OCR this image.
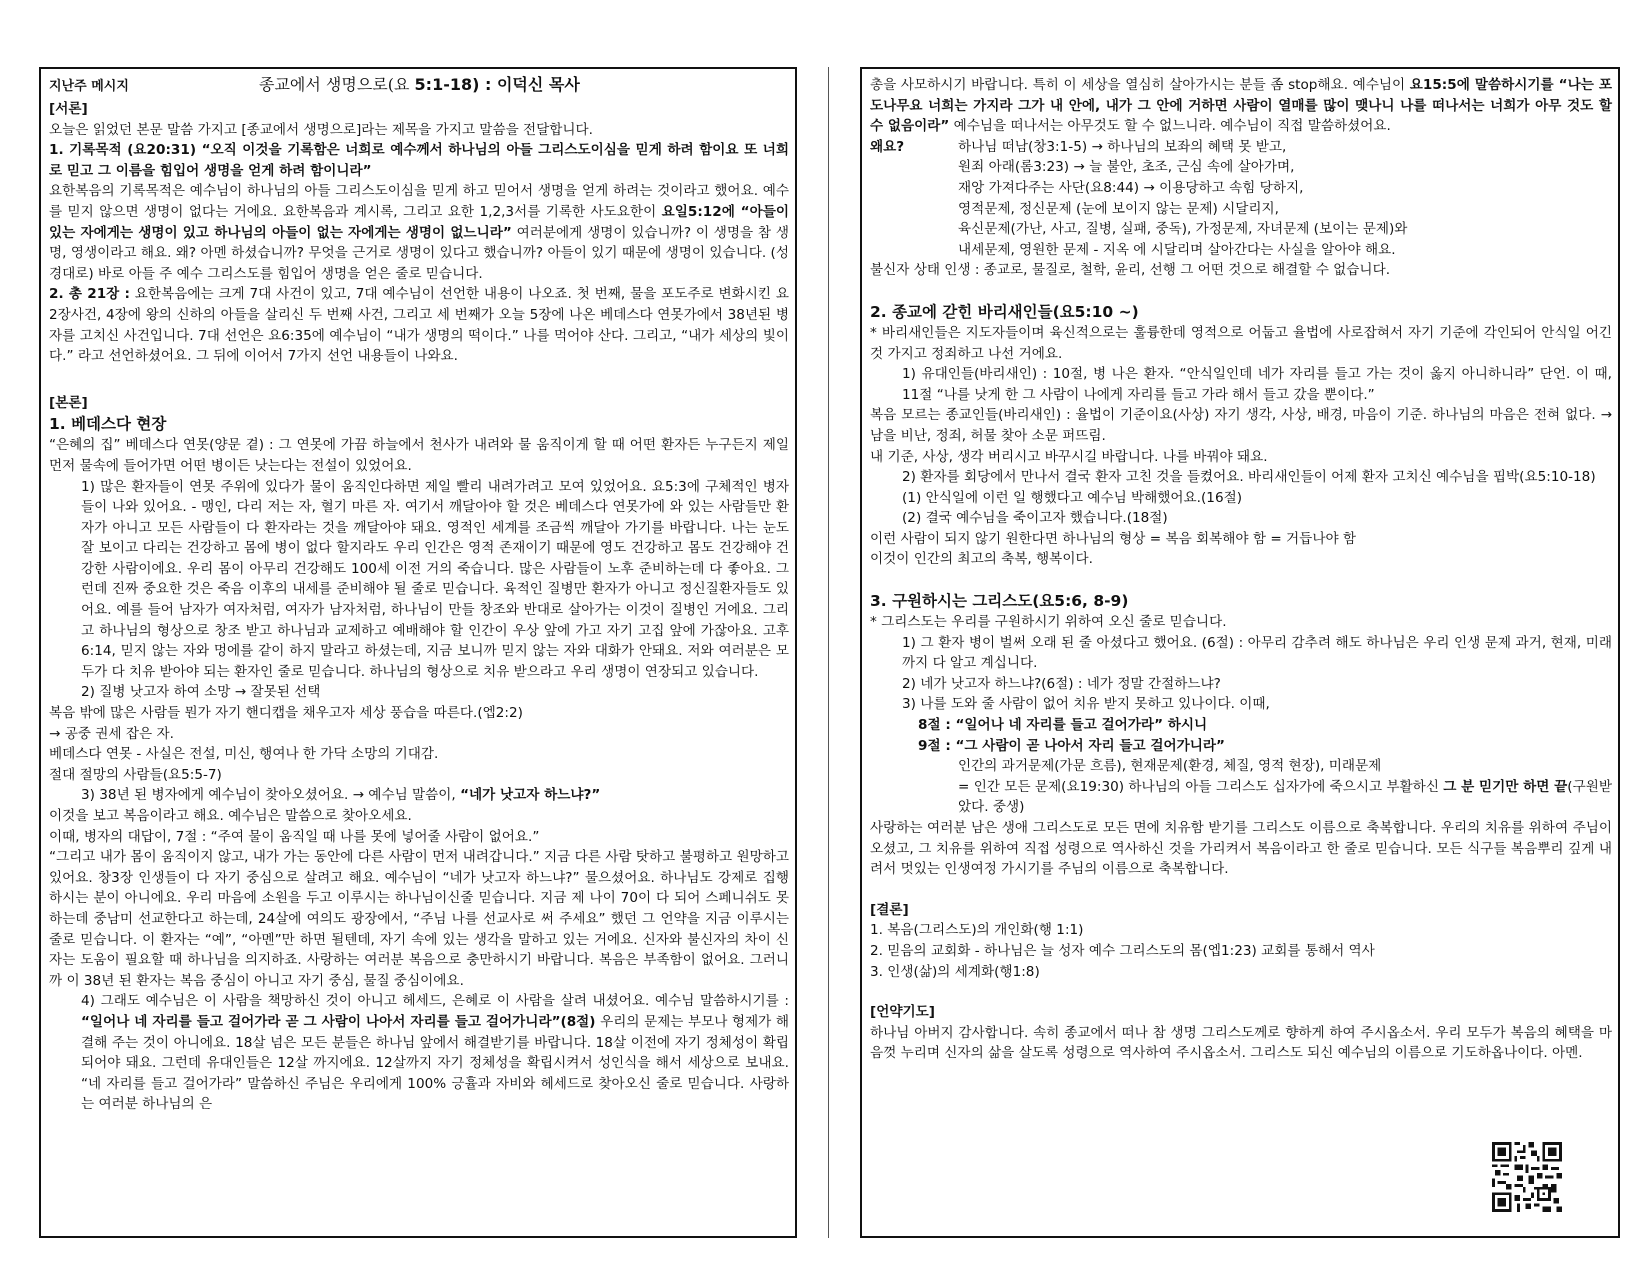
지난주 메시지	종교에서 생명으로(요 5:1-18) : 이덕신 목사

[서론]

오늘은 읽었던 본문 말씀 가지고 [종교에서 생명으로]라는 제목을 가지고 말씀을 전달합니다.

1. 기록목적 (요20:31) “오직 이것을 기록함은 너희로 예수께서 하나님의 아들 그리스도이심을 믿게 하려 함이요 또 너희로 믿고 그 이름을 힘입어 생명을 얻게 하려 함이니라”

요한복음의 기록목적은 예수님이 하나님의 아들 그리스도이심을 믿게 하고 믿어서 생명을 얻게 하려는 것이라고 했어요. 예수를 믿지 않으면 생명이 없다는 거에요. 요한복음과 계시록, 그리고 요한 1,2,3서를 기록한 사도요한이 요일5:12에 “아들이 있는 자에게는 생명이 있고 하나님의 아들이 없는 자에게는 생명이 없느니라” 여러분에게 생명이 있습니까? 이 생명을 참 생명, 영생이라고 해요. 왜? 아멘 하셨습니까? 무엇을 근거로 생명이 있다고 했습니까? 아들이 있기 때문에 생명이 있습니다. (성경대로) 바로 아들 주 예수 그리스도를 힘입어 생명을 얻은 줄로 믿습니다.

2. 총 21장 : 요한복음에는 크게 7대 사건이 있고, 7대 예수님이 선언한 내용이 나오죠. 첫 번째, 물을 포도주로 변화시킨 요 2장사건, 4장에 왕의 신하의 아들을 살리신 두 번째 사건, 그리고 세 번째가 오늘 5장에 나온 베데스다 연못가에서 38년된 병자를 고치신 사건입니다. 7대 선언은 요6:35에 예수님이 “내가 생명의 떡이다.” 나를 먹어야 산다. 그리고, “내가 세상의 빛이다.” 라고 선언하셨어요. 그 뒤에 이어서 7가지 선언 내용들이 나와요.

[본론]

1. 베데스다 현장

“은혜의 집” 베데스다 연못(양문 곁) : 그 연못에 가끔 하늘에서 천사가 내려와 물 움직이게 할 때 어떤 환자든 누구든지 제일 먼저 물속에 들어가면 어떤 병이든 낫는다는 전설이 있었어요.

1) 많은 환자들이 연못 주위에 있다가 물이 움직인다하면 제일 빨리 내려가려고 모여 있었어요. 요5:3에 구체적인 병자들이 나와 있어요. - 맹인, 다리 저는 자, 혈기 마른 자. 여기서 깨달아야 할 것은 베데스다 연못가에 와 있는 사람들만 환자가 아니고 모든 사람들이 다 환자라는 것을 깨달아야 돼요. 영적인 세계를 조금씩 깨달아 가기를 바랍니다. 나는 눈도 잘 보이고 다리는 건강하고 몸에 병이 없다 할지라도 우리 인간은 영적 존재이기 때문에 영도 건강하고 몸도 건강해야 건강한 사람이에요. 우리 몸이 아무리 건강해도 100세 이전 거의 죽습니다. 많은 사람들이 노후 준비하는데 다 좋아요. 그런데 진짜 중요한 것은 죽음 이후의 내세를 준비해야 될 줄로 믿습니다. 육적인 질병만 환자가 아니고 정신질환자들도 있어요. 예를 들어 남자가 여자처럼, 여자가 남자처럼, 하나님이 만들 창조와 반대로 살아가는 이것이 질병인 거에요. 그리고 하나님의 형상으로 창조 받고 하나님과 교제하고 예배해야 할 인간이 우상 앞에 가고 자기 고집 앞에 가잖아요. 고후6:14, 믿지 않는 자와 멍에를 같이 하지 말라고 하셨는데, 지금 보니까 믿지 않는 자와 대화가 안돼요. 저와 여러분은 모두가 다 치유 받아야 되는 환자인 줄로 믿습니다. 하나님의 형상으로 치유 받으라고 우리 생명이 연장되고 있습니다.

2) 질병 낫고자 하여 소망 → 잘못된 선택

복음 밖에 많은 사람들 뭔가 자기 핸디캡을 채우고자 세상 풍습을 따른다.(엡2:2)

→ 공중 권세 잡은 자.

베데스다 연못 - 사실은 전설, 미신, 행여나 한 가닥 소망의 기대감.

절대 절망의 사람들(요5:5-7)

3) 38년 된 병자에게 예수님이 찾아오셨어요. → 예수님 말씀이, “네가 낫고자 하느냐?”

이것을 보고 복음이라고 해요. 예수님은 말씀으로 찾아오세요.

이때, 병자의 대답이, 7절 : “주여 물이 움직일 때 나를 못에 넣어줄 사람이 없어요.”

“그리고 내가 몸이 움직이지 않고, 내가 가는 동안에 다른 사람이 먼저 내려갑니다.” 지금 다른 사람 탓하고 불평하고 원망하고 있어요. 창3장 인생들이 다 자기 중심으로 살려고 해요. 예수님이 “네가 낫고자 하느냐?” 물으셨어요. 하나님도 강제로 집행 하시는 분이 아니에요. 우리 마음에 소원을 두고 이루시는 하나님이신줄 믿습니다. 지금 제 나이 70이 다 되어 스페니쉬도 못하는데 중남미 선교한다고 하는데, 24살에 여의도 광장에서, “주님 나를 선교사로 써 주세요” 했던 그 언약을 지금 이루시는 줄로 믿습니다. 이 환자는 “예”, “아멘”만 하면 될텐데, 자기 속에 있는 생각을 말하고 있는 거에요. 신자와 불신자의 차이 신자는 도움이 필요할 때 하나님을 의지하죠. 사랑하는 여러분 복음으로 충만하시기 바랍니다. 복음은 부족함이 없어요. 그러니까 이 38년 된 환자는 복음 중심이 아니고 자기 중심, 물질 중심이에요.

4) 그래도 예수님은 이 사람을 책망하신 것이 아니고 헤세드, 은혜로 이 사람을 살려 내셨어요. 예수님 말씀하시기를 : “일어나 네 자리를 들고 걸어가라 곧 그 사람이 나아서 자리를 들고 걸어가니라”(8절) 우리의 문제는 부모나 형제가 해결해 주는 것이 아니에요. 18살 넘은 모든 분들은 하나님 앞에서 해결받기를 바랍니다. 18살 이전에 자기 정체성이 확립되어야 돼요. 그런데 유대인들은 12살 까지에요. 12살까지 자기 정체성을 확립시켜서 성인식을 해서 세상으로 보내요. “네 자리를 들고 걸어가라” 말씀하신 주님은 우리에게 100% 긍휼과 자비와 헤세드로 찾아오신 줄로 믿습니다. 사랑하는 여러분 하나님의 은

총을 사모하시기 바랍니다. 특히 이 세상을 열심히 살아가시는 분들 좀 stop해요. 예수님이 요15:5에 말씀하시기를 “나는 포도나무요 너희는 가지라 그가 내 안에, 내가 그 안에 거하면 사람이 열매를 많이 맺나니 나를 떠나서는 너희가 아무 것도 할 수 없음이라” 예수님을 떠나서는 아무것도 할 수 없느니라. 예수님이 직접 말씀하셨어요.

왜요?	하나님 떠남(창3:1-5) → 하나님의 보좌의 혜택 못 받고,

원죄 아래(롬3:23) → 늘 불안, 초조, 근심 속에 살아가며,

재앙 가져다주는 사단(요8:44) → 이용당하고 속힘 당하지,

영적문제, 정신문제 (눈에 보이지 않는 문제) 시달리지,

육신문제(가난, 사고, 질병, 실패, 중독), 가정문제, 자녀문제 (보이는 문제)와

내세문제, 영원한 문제 - 지옥 에 시달리며 살아간다는 사실을 알아야 해요.

불신자 상태 인생 : 종교로, 물질로, 철학, 윤리, 선행 그 어떤 것으로 해결할 수 없습니다.

2. 종교에 갇힌 바리새인들(요5:10 ~)

* 바리새인들은 지도자들이며 육신적으로는 훌륭한데 영적으로 어둡고 율법에 사로잡혀서 자기 기준에 각인되어 안식일 어긴 것 가지고 정죄하고 나선 거에요.

1) 유대인들(바리새인) : 10절, 병 나은 환자. “안식일인데 네가 자리를 들고 가는 것이 옳지 아니하니라” 단언. 이 때, 11절 “나를 낫게 한 그 사람이 나에게 자리를 들고 가라 해서 들고 갔을 뿐이다.”

복음 모르는 종교인들(바리새인) : 율법이 기준이요(사상) 자기 생각, 사상, 배경, 마음이 기준. 하나님의 마음은 전혀 없다. → 남을 비난, 정죄, 허물 찾아 소문 퍼뜨림.

내 기준, 사상, 생각 버리시고 바꾸시길 바랍니다. 나를 바꿔야 돼요.

2) 환자를 회당에서 만나서 결국 환자 고친 것을 들켰어요. 바리새인들이 어제 환자 고치신 예수님을 핍박(요5:10-18)

(1) 안식일에 이런 일 행했다고 예수님 박해했어요.(16절)

(2) 결국 예수님을 죽이고자 했습니다.(18절)

이런 사람이 되지 않기 원한다면 하나님의 형상 = 복음 회복해야 함 = 거듭나야 함

이것이 인간의 최고의 축복, 행복이다.

3. 구원하시는 그리스도(요5:6, 8-9)

* 그리스도는 우리를 구원하시기 위하여 오신 줄로 믿습니다.

1) 그 환자 병이 벌써 오래 된 줄 아셨다고 했어요. (6절) : 아무리 감추려 해도 하나님은 우리 인생 문제 과거, 현재, 미래까지 다 알고 계십니다.

2) 네가 낫고자 하느냐?(6절) : 네가 정말 간절하느냐?

3) 나를 도와 줄 사람이 없어 치유 받지 못하고 있나이다. 이때,

8절 : “일어나 네 자리를 들고 걸어가라” 하시니

9절 : “그 사람이 곧 나아서 자리 들고 걸어가니라”

인간의 과거문제(가문 흐름), 현재문제(환경, 체질, 영적 현장), 미래문제

= 인간 모든 문제(요19:30) 하나님의 아들 그리스도 십자가에 죽으시고 부활하신 그 분 믿기만 하면 끝(구원받았다. 중생)

사랑하는 여러분 남은 생애 그리스도로 모든 면에 치유함 받기를 그리스도 이름으로 축복합니다. 우리의 치유를 위하여 주님이 오셨고, 그 치유를 위하여 직접 성령으로 역사하신 것을 가리켜서 복음이라고 한 줄로 믿습니다. 모든 식구들 복음뿌리 깊게 내려서 멋있는 인생여정 가시기를 주님의 이름으로 축복합니다.

[결론]

1. 복음(그리스도)의 개인화(행 1:1)

2. 믿음의 교회화 - 하나님은 늘 성자 예수 그리스도의 몸(엡1:23) 교회를 통해서 역사

3. 인생(삶)의 세계화(행1:8)

[언약기도]

하나님 아버지 감사합니다. 속히 종교에서 떠나 참 생명 그리스도께로 향하게 하여 주시옵소서. 우리 모두가 복음의 혜택을 마음껏 누리며 신자의 삶을 살도록 성령으로 역사하여 주시옵소서. 그리스도 되신 예수님의 이름으로 기도하옵나이다. 아멘.
